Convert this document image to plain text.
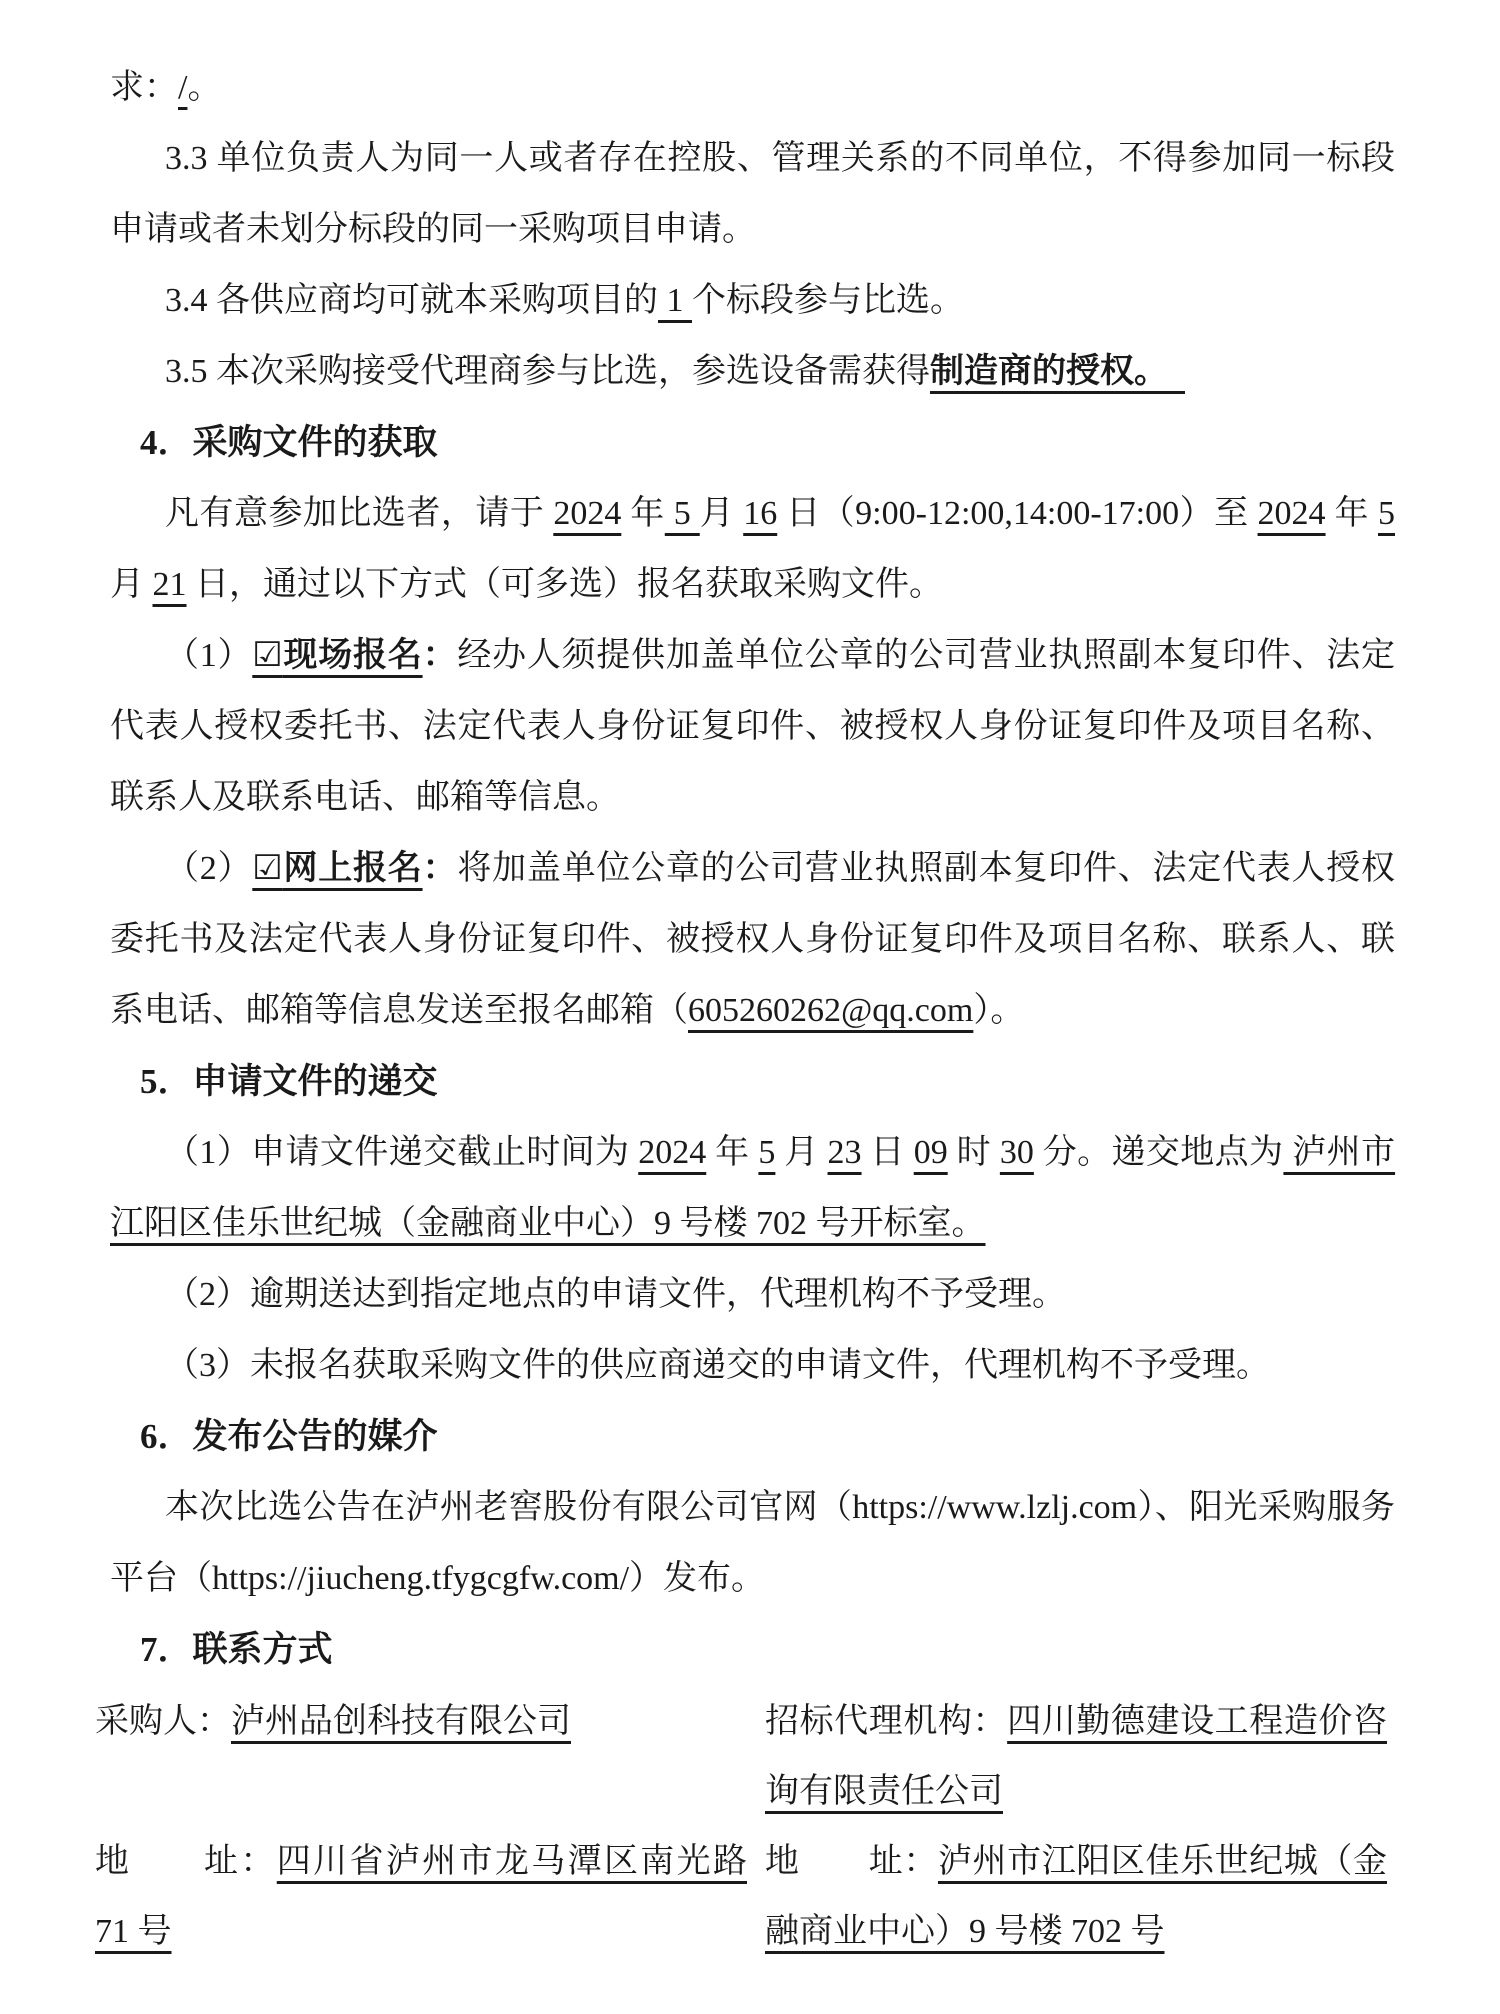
求：/。

3.3 单位负责人为同一人或者存在控股、管理关系的不同单位，不得参加同一标段申请或者未划分标段的同一采购项目申请。

3.4 各供应商均可就本采购项目的 1 个标段参与比选。

3.5 本次采购接受代理商参与比选，参选设备需获得制造商的授权。　

4．采购文件的获取

凡有意参加比选者，请于 2024 年 5 月 16 日（9:00-12:00,14:00-17:00）至 2024 年 5 月 21 日，通过以下方式（可多选）报名获取采购文件。

（1）☑现场报名：经办人须提供加盖单位公章的公司营业执照副本复印件、法定代表人授权委托书、法定代表人身份证复印件、被授权人身份证复印件及项目名称、联系人及联系电话、邮箱等信息。

（2）☑网上报名：将加盖单位公章的公司营业执照副本复印件、法定代表人授权委托书及法定代表人身份证复印件、被授权人身份证复印件及项目名称、联系人、联系电话、邮箱等信息发送至报名邮箱（605260262@qq.com）。

5．申请文件的递交

（1）申请文件递交截止时间为 2024 年 5 月 23 日 09 时 30 分。递交地点为 泸州市江阳区佳乐世纪城（金融商业中心）9 号楼 702 号开标室。

（2）逾期送达到指定地点的申请文件，代理机构不予受理。

（3）未报名获取采购文件的供应商递交的申请文件，代理机构不予受理。

6．发布公告的媒介

本次比选公告在泸州老窖股份有限公司官网（https://www.lzlj.com）、阳光采购服务平台（https://jiucheng.tfygcgfw.com/）发布。

7．联系方式

采购人：泸州品创科技有限公司	招标代理机构：四川勤德建设工程造价咨询有限责任公司
地　　址：四川省泸州市龙马潭区南光路 71 号
地　　址：泸州市江阳区佳乐世纪城（金融商业中心）9 号楼 702 号
